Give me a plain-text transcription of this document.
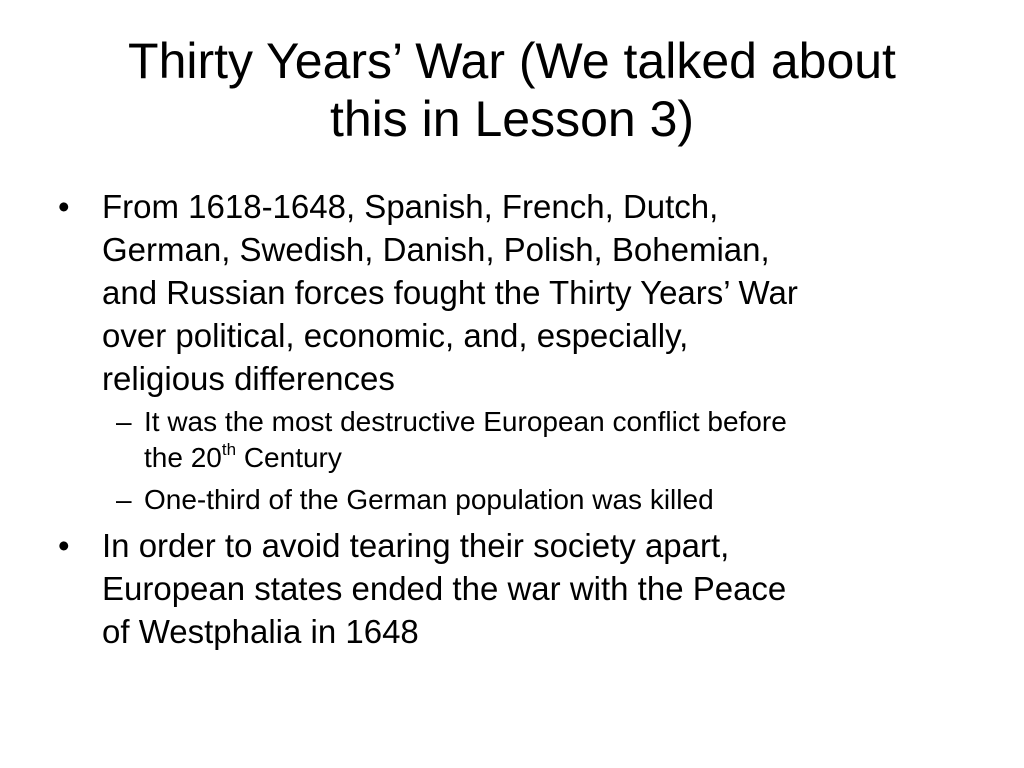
Thirty Years’ War (We talked about
this in Lesson 3)
• From 1618-1648, Spanish, French, Dutch,
German, Swedish, Danish, Polish, Bohemian,
and Russian forces fought the Thirty Years’ War
over political, economic, and, especially,
religious differences
– It was the most destructive European conflict before
the 20th Century
– One-third of the German population was killed
• In order to avoid tearing their society apart,
European states ended the war with the Peace
of Westphalia in 1648
